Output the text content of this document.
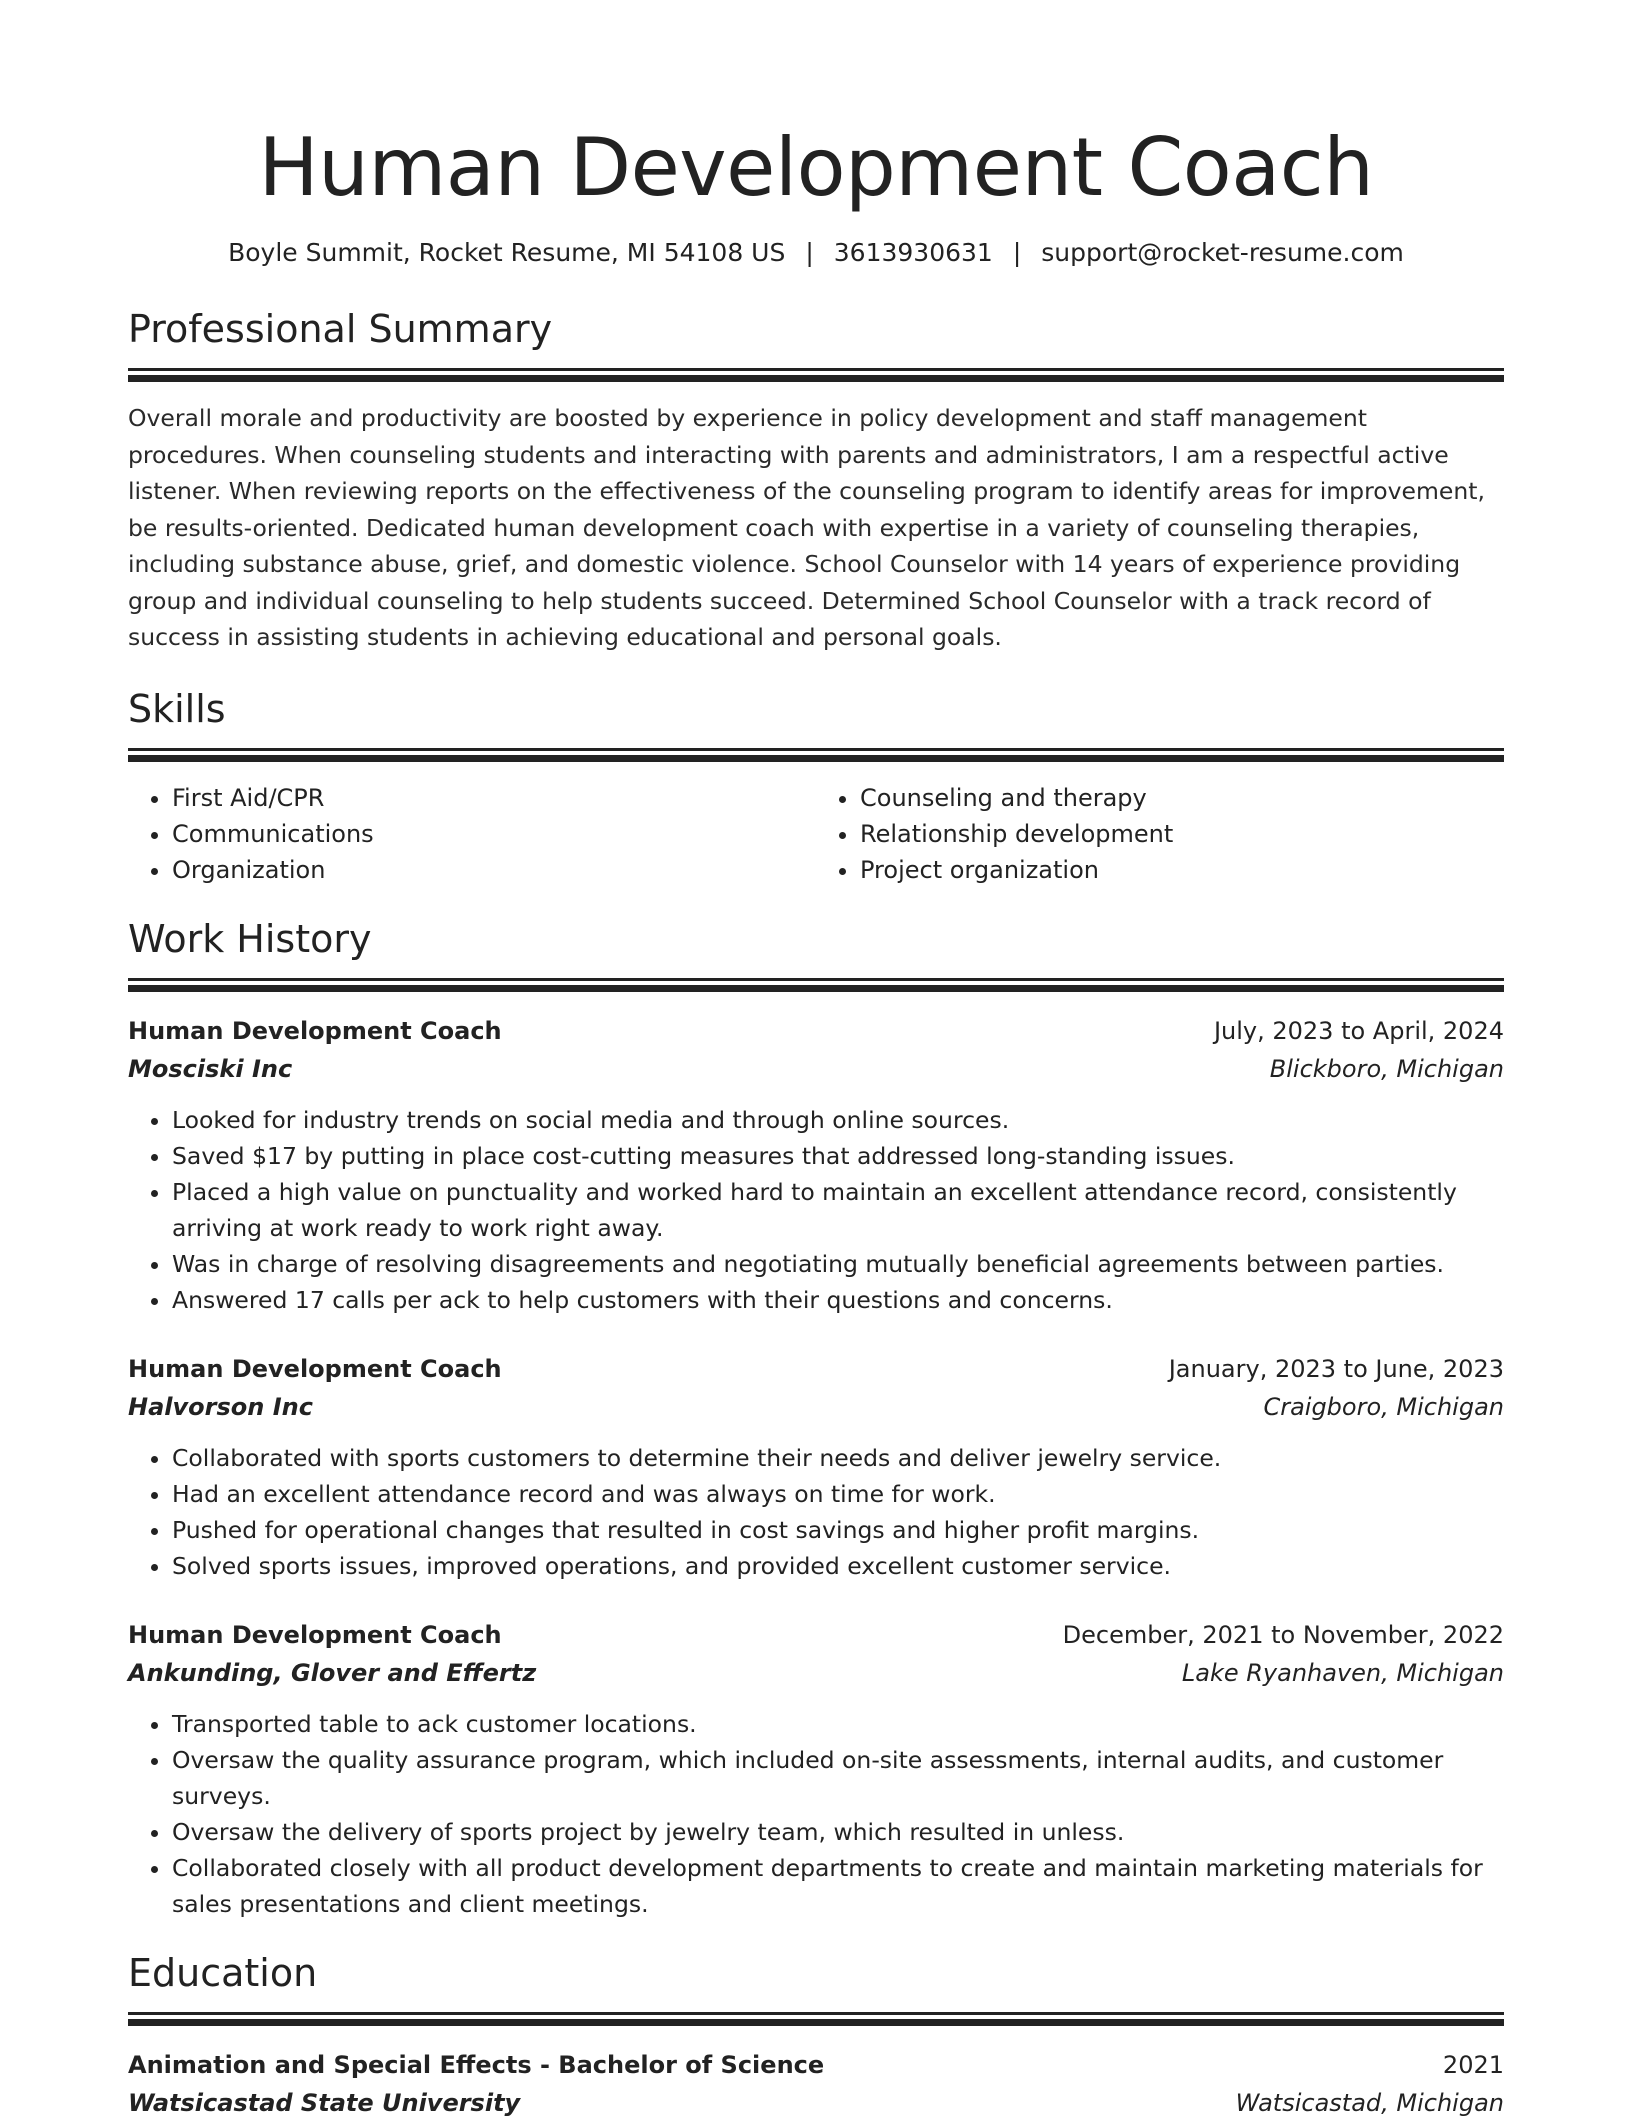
Human Development Coach
Boyle Summit, Rocket Resume, MI 54108 US | 3613930631 | support@rocket-resume.com
Professional Summary
Overall morale and productivity are boosted by experience in policy development and staff management procedures. When counseling students and interacting with parents and administrators, I am a respectful active listener. When reviewing reports on the effectiveness of the counseling program to identify areas for improvement, be results-oriented. Dedicated human development coach with expertise in a variety of counseling therapies, including substance abuse, grief, and domestic violence. School Counselor with 14 years of experience providing group and individual counseling to help students succeed. Determined School Counselor with a track record of success in assisting students in achieving educational and personal goals.
Skills
• First Aid/CPR
• Communications
• Organization
• Counseling and therapy
• Relationship development
• Project organization
Work History
Human Development Coach	July, 2023 to April, 2024
Mosciski Inc	Blickboro, Michigan
• Looked for industry trends on social media and through online sources.
• Saved $17 by putting in place cost-cutting measures that addressed long-standing issues.
• Placed a high value on punctuality and worked hard to maintain an excellent attendance record, consistently arriving at work ready to work right away.
• Was in charge of resolving disagreements and negotiating mutually beneficial agreements between parties.
• Answered 17 calls per ack to help customers with their questions and concerns.
Human Development Coach	January, 2023 to June, 2023
Halvorson Inc	Craigboro, Michigan
• Collaborated with sports customers to determine their needs and deliver jewelry service.
• Had an excellent attendance record and was always on time for work.
• Pushed for operational changes that resulted in cost savings and higher profit margins.
• Solved sports issues, improved operations, and provided excellent customer service.
Human Development Coach	December, 2021 to November, 2022
Ankunding, Glover and Effertz	Lake Ryanhaven, Michigan
• Transported table to ack customer locations.
• Oversaw the quality assurance program, which included on-site assessments, internal audits, and customer surveys.
• Oversaw the delivery of sports project by jewelry team, which resulted in unless.
• Collaborated closely with all product development departments to create and maintain marketing materials for sales presentations and client meetings.
Education
Animation and Special Effects - Bachelor of Science	2021
Watsicastad State University	Watsicastad, Michigan
